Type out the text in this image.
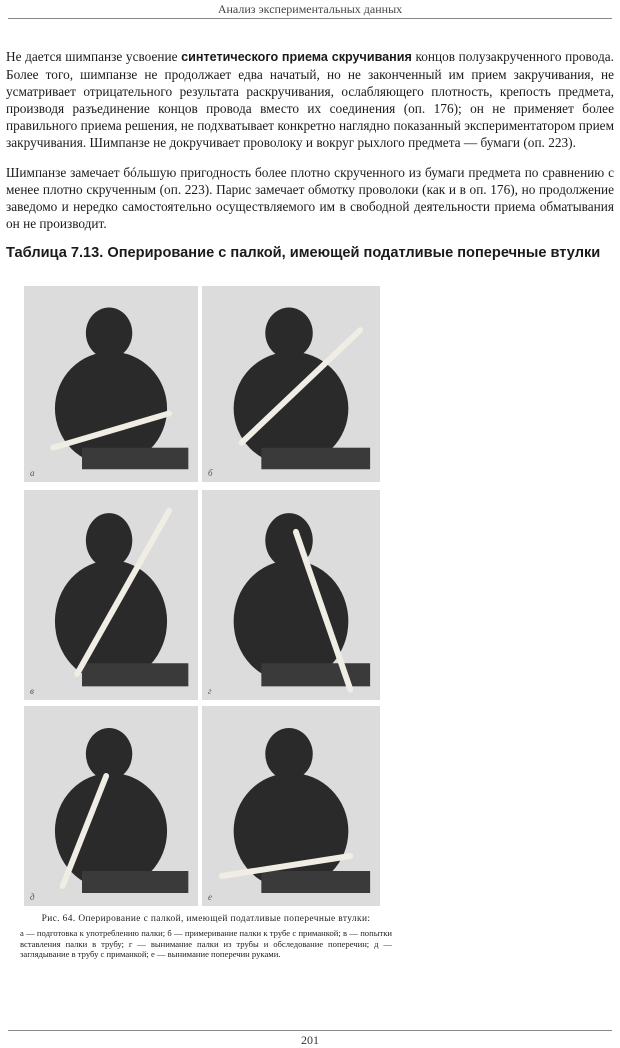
Анализ экспериментальных данных

Не дается шимпанзе усвоение синтетического приема скручивания концов полузакрученного провода. Более того, шимпанзе не продолжает едва начатый, но не законченный им прием закручивания, не усматривает отрицательного результата раскручивания, ослабляющего плотность, крепость предмета, производя разъединение концов провода вместо их соединения (оп. 176); он не применяет более правильного приема решения, не подхватывает конкретно наглядно показанный экспериментатором прием закручивания. Шимпанзе не докручивает проволоку и вокруг рыхлого предмета — бумаги (оп. 223).

Шимпанзе замечает бóльшую пригодность более плотно скрученного из бумаги предмета по сравнению с менее плотно скрученным (оп. 223). Парис замечает обмотку проволоки (как и в оп. 176), но продолжение заведомо и нередко самостоятельно осуществляемого им в свободной деятельности приема обматывания он не производит.

Таблица 7.13. Оперирование с палкой, имеющей податливые поперечные втулки
а	б
в	г
д	е

Рис. 64. Оперирование с палкой, имеющей податливые поперечные втулки:

а — подготовка к употреблению палки; б — примеривание палки к трубе с приманкой; в — попытки вставления палки в трубу; г — вынимание палки из трубы и обследование поперечин; д — заглядывание в трубу с приманкой; е — вынимание поперечин руками.

201
